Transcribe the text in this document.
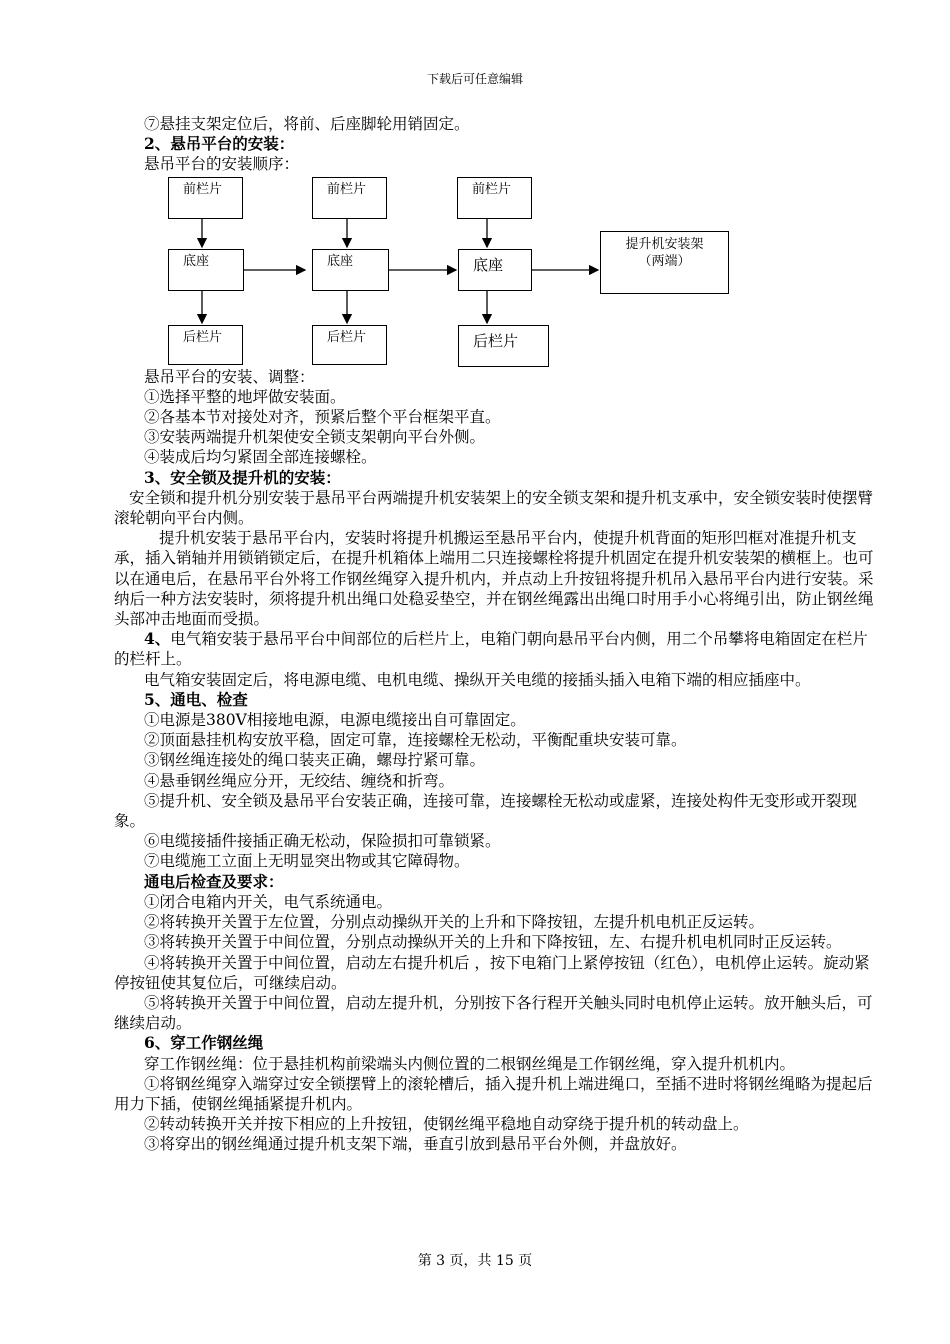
下载后可任意编辑

⑦悬挂支架定位后，将前、后座脚轮用销固定。

2、悬吊平台的安装：

悬吊平台的安装顺序：

前栏片
底座
后栏片
前栏片
底座
后栏片
前栏片
底座
后栏片
提升机安装架
（两端）

悬吊平台的安装、调整：

①选择平整的地坪做安装面。

②各基本节对接处对齐，预紧后整个平台框架平直。

③安装两端提升机架使安全锁支架朝向平台外侧。

④装成后均匀紧固全部连接螺栓。

3、安全锁及提升机的安装：

安全锁和提升机分别安装于悬吊平台两端提升机安装架上的安全锁支架和提升机支承中，安全锁安装时使摆臂滚轮朝向平台内侧。

提升机安装于悬吊平台内，安装时将提升机搬运至悬吊平台内，使提升机背面的矩形凹框对准提升机支承，插入销轴并用锁销锁定后，在提升机箱体上端用二只连接螺栓将提升机固定在提升机安装架的横框上。也可以在通电后，在悬吊平台外将工作钢丝绳穿入提升机内，并点动上升按钮将提升机吊入悬吊平台内进行安装。采纳后一种方法安装时，须将提升机出绳口处稳妥垫空，并在钢丝绳露出出绳口时用手小心将绳引出，防止钢丝绳头部冲击地面而受损。

4、电气箱安装于悬吊平台中间部位的后栏片上，电箱门朝向悬吊平台内侧，用二个吊攀将电箱固定在栏片的栏杆上。

电气箱安装固定后，将电源电缆、电机电缆、操纵开关电缆的接插头插入电箱下端的相应插座中。

5、通电、检查

①电源是380V相接地电源，电源电缆接出自可靠固定。

②顶面悬挂机构安放平稳，固定可靠，连接螺栓无松动，平衡配重块安装可靠。

③钢丝绳连接处的绳口装夹正确，螺母拧紧可靠。

④悬垂钢丝绳应分开，无绞结、缠绕和折弯。

⑤提升机、安全锁及悬吊平台安装正确，连接可靠，连接螺栓无松动或虚紧，连接处构件无变形或开裂现象。

⑥电缆接插件接插正确无松动，保险损扣可靠锁紧。

⑦电缆施工立面上无明显突出物或其它障碍物。

通电后检查及要求：

①闭合电箱内开关，电气系统通电。

②将转换开关置于左位置，分别点动操纵开关的上升和下降按钮，左提升机电机正反运转。

③将转换开关置于中间位置，分别点动操纵开关的上升和下降按钮，左、右提升机电机同时正反运转。

④将转换开关置于中间位置，启动左右提升机后 ，按下电箱门上紧停按钮（红色），电机停止运转。旋动紧停按钮使其复位后，可继续启动。

⑤将转换开关置于中间位置，启动左提升机，分别按下各行程开关触头同时电机停止运转。放开触头后，可继续启动。

6、穿工作钢丝绳

穿工作钢丝绳：位于悬挂机构前梁端头内侧位置的二根钢丝绳是工作钢丝绳，穿入提升机机内。

①将钢丝绳穿入端穿过安全锁摆臂上的滚轮槽后，插入提升机上端进绳口，至插不进时将钢丝绳略为提起后用力下插，使钢丝绳插紧提升机内。

②转动转换开关并按下相应的上升按钮，使钢丝绳平稳地自动穿绕于提升机的转动盘上。

③将穿出的钢丝绳通过提升机支架下端，垂直引放到悬吊平台外侧，并盘放好。

第 3 页，共 15 页
